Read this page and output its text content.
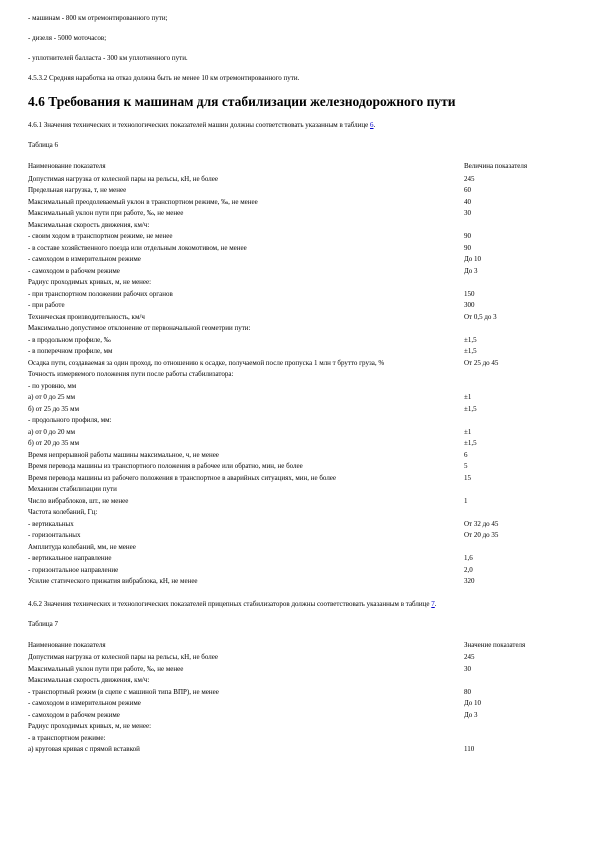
- машинам - 800 км отремонтированного пути;

- дизеля - 5000 моточасов;

- уплотнителей балласта - 300 км уплотненного пути.

4.5.3.2 Средняя наработка на отказ должна быть не менее 10 км отремонтированного пути.

4.6 Требования к машинам для стабилизации железнодорожного пути

4.6.1 Значения технических и технологических показателей машин должны соответствовать указанным в таблице 6.

Таблица 6

Наименование показателя	Величина показателя
Допустимая нагрузка от колесной пары на рельсы, кН, не более	245
Предельная нагрузка, т, не менее	60
Максимальный преодолеваемый уклон в транспортном режиме, ‰, не менее	40
Максимальный уклон пути при работе, ‰, не менее	30
Максимальная скорость движения, км/ч:	
- своим ходом в транспортном режиме, не менее	90
- в составе хозяйственного поезда или отдельным локомотивом, не менее	90
- самоходом в измерительном режиме	До 10
- самоходом в рабочем режиме	До 3
Радиус проходимых кривых, м, не менее:	
- при транспортном положении рабочих органов	150
- при работе	300
Техническая производительность, км/ч	От 0,5 до 3
Максимально допустимое отклонение от первоначальной геометрии пути:	
- в продольном профиле, ‰	±1,5
- в поперечном профиле, мм	±1,5
Осадка пути, создаваемая за один проход, по отношению к осадке, получаемой после пропуска 1 млн т брутто груза, %	От 25 до 45
Точность измеряемого положения пути после работы стабилизатора:	
- по уровню, мм	
а) от 0 до 25 мм	±1
б) от 25 до 35 мм	±1,5
- продольного профиля, мм:	
а) от 0 до 20 мм	±1
б) от 20 до 35 мм	±1,5
Время непрерывной работы машины максимальное, ч, не менее	6
Время перевода машины из транспортного положения в рабочее или обратно, мин, не более	5
Время перевода машины из рабочего положения в транспортное в аварийных ситуациях, мин, не более	15
Механизм стабилизации пути	
Число вибраблоков, шт., не менее	1
Частота колебаний, Гц:	
- вертикальных	От 32 до 45
- горизонтальных	От 20 до 35
Амплитуда колебаний, мм, не менее	
- вертикальное направление	1,6
- горизонтальное направление	2,0
Усилие статического прижатия вибраблока, кН, не менее	320

4.6.2 Значения технических и технологических показателей прицепных стабилизаторов должны соответствовать указанным в таблице 7.

Таблица 7

Наименование показателя	Значение показателя
Допустимая нагрузка от колесной пары на рельсы, кН, не более	245
Максимальный уклон пути при работе, ‰, не менее	30
Максимальная скорость движения, км/ч:	
- транспортный режим (в сцепе с машиной типа ВПР), не менее	80
- самоходом в измерительном режиме	До 10
- самоходом в рабочем режиме	До 3
Радиус проходимых кривых, м, не менее:	
- в транспортном режиме:	
а) круговая кривая с прямой вставкой	110
